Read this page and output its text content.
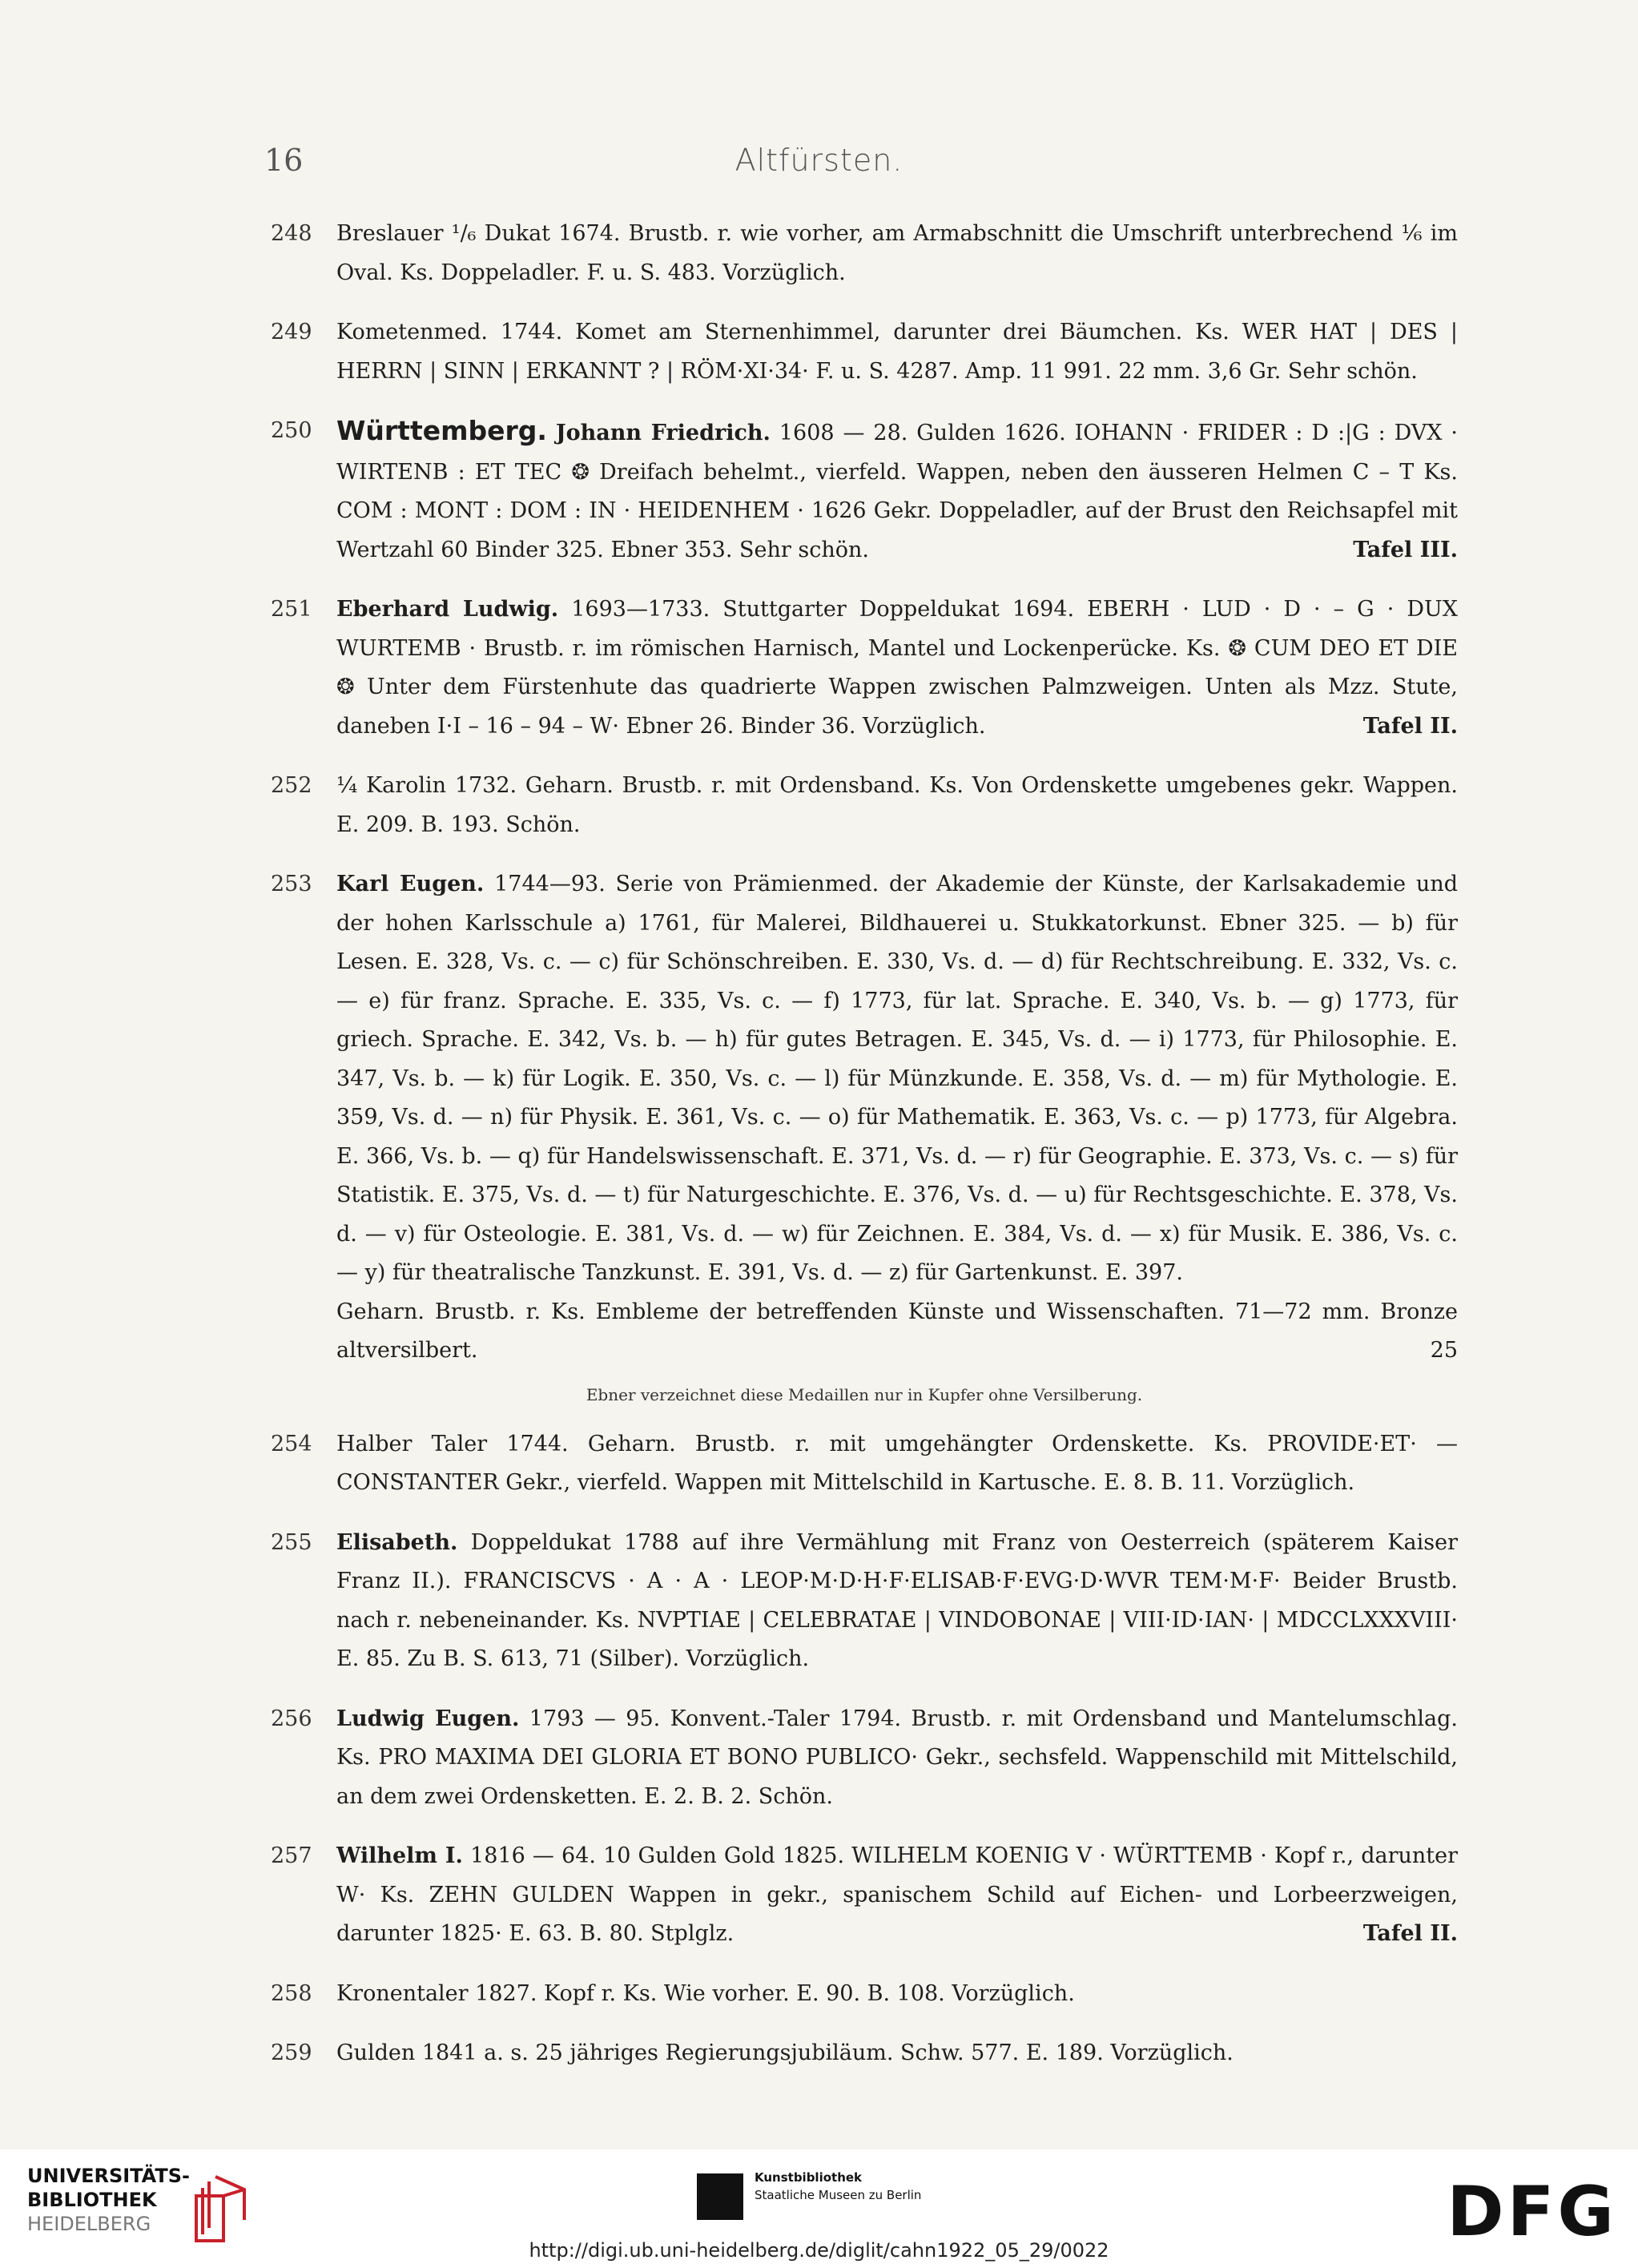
16	Altfürsten.
248 Breslauer ¹/₆ Dukat 1674. Brustb. r. wie vorher, am Armabschnitt die Umschrift unterbrechend ¹⁄₆ im Oval. Ks. Doppeladler. F. u. S. 483. Vorzüglich.
249 Kometenmed. 1744. Komet am Sternenhimmel, darunter drei Bäumchen. Ks. WER HAT | DES | HERRN | SINN | ERKANNT ? | RÖM·XI·34· F. u. S. 4287. Amp. 11 991. 22 mm. 3,6 Gr. Sehr schön.
250 Württemberg. Johann Friedrich. 1608 — 28. Gulden 1626. IOHANN · FRIDER : D :|G : DVX · WIRTENB : ET TEC ❂ Dreifach behelmt., vierfeld. Wappen, neben den äusseren Helmen C – T Ks. COM : MONT : DOM : IN · HEIDENHEM · 1626 Gekr. Doppeladler, auf der Brust den Reichsapfel mit Wertzahl 60 Binder 325. Ebner 353. Sehr schön.	Tafel III.
251 Eberhard Ludwig. 1693—1733. Stuttgarter Doppeldukat 1694. EBERH · LUD · D · – G · DUX WURTEMB · Brustb. r. im römischen Harnisch, Mantel und Lockenperücke. Ks. ❂ CUM DEO ET DIE ❂ Unter dem Fürstenhute das quadrierte Wappen zwischen Palmzweigen. Unten als Mzz. Stute, daneben I·I – 16 – 94 – W· Ebner 26. Binder 36. Vorzüglich.	Tafel II.
252 ¼ Karolin 1732. Geharn. Brustb. r. mit Ordensband. Ks. Von Ordenskette umgebenes gekr. Wappen. E. 209. B. 193. Schön.
253 Karl Eugen. 1744—93. Serie von Prämienmed. der Akademie der Künste, der Karlsakademie und der hohen Karlsschule a) 1761, für Malerei, Bildhauerei u. Stukkatorkunst. Ebner 325. — b) für Lesen. E. 328, Vs. c. — c) für Schönschreiben. E. 330, Vs. d. — d) für Rechtschreibung. E. 332, Vs. c. — e) für franz. Sprache. E. 335, Vs. c. — f) 1773, für lat. Sprache. E. 340, Vs. b. — g) 1773, für griech. Sprache. E. 342, Vs. b. — h) für gutes Betragen. E. 345, Vs. d. — i) 1773, für Philosophie. E. 347, Vs. b. — k) für Logik. E. 350, Vs. c. — l) für Münzkunde. E. 358, Vs. d. — m) für Mythologie. E. 359, Vs. d. — n) für Physik. E. 361, Vs. c. — o) für Mathematik. E. 363, Vs. c. — p) 1773, für Algebra. E. 366, Vs. b. — q) für Handelswissenschaft. E. 371, Vs. d. — r) für Geographie. E. 373, Vs. c. — s) für Statistik. E. 375, Vs. d. — t) für Naturgeschichte. E. 376, Vs. d. — u) für Rechtsgeschichte. E. 378, Vs. d. — v) für Osteologie. E. 381, Vs. d. — w) für Zeichnen. E. 384, Vs. d. — x) für Musik. E. 386, Vs. c. — y) für theatralische Tanzkunst. E. 391, Vs. d. — z) für Gartenkunst. E. 397.
Geharn. Brustb. r. Ks. Embleme der betreffenden Künste und Wissenschaften. 71—72 mm. Bronze altversilbert.	25
Ebner verzeichnet diese Medaillen nur in Kupfer ohne Versilberung.
254 Halber Taler 1744. Geharn. Brustb. r. mit umgehängter Ordenskette. Ks. PROVIDE·ET· — CONSTANTER Gekr., vierfeld. Wappen mit Mittelschild in Kartusche. E. 8. B. 11. Vorzüglich.
255 Elisabeth. Doppeldukat 1788 auf ihre Vermählung mit Franz von Oesterreich (späterem Kaiser Franz II.). FRANCISCVS · A · A · LEOP·M·D·H·F·ELISAB·F·EVG·D·WVR TEM·M·F· Beider Brustb. nach r. nebeneinander. Ks. NVPTIAE | CELEBRATAE | VINDOBONAE | VIII·ID·IAN· | MDCCLXXXVIII· E. 85. Zu B. S. 613, 71 (Silber). Vorzüglich.
256 Ludwig Eugen. 1793 — 95. Konvent.-Taler 1794. Brustb. r. mit Ordensband und Mantelumschlag. Ks. PRO MAXIMA DEI GLORIA ET BONO PUBLICO· Gekr., sechsfeld. Wappenschild mit Mittelschild, an dem zwei Ordensketten. E. 2. B. 2. Schön.
257 Wilhelm I. 1816 — 64. 10 Gulden Gold 1825. WILHELM KOENIG V · WÜRTTEMB · Kopf r., darunter W· Ks. ZEHN GULDEN Wappen in gekr., spanischem Schild auf Eichen- und Lorbeerzweigen, darunter 1825· E. 63. B. 80. Stplglz.	Tafel II.
258 Kronentaler 1827. Kopf r. Ks. Wie vorher. E. 90. B. 108. Vorzüglich.
259 Gulden 1841 a. s. 25 jähriges Regierungsjubiläum. Schw. 577. E. 189. Vorzüglich.
UNIVERSITÄTS-
BIBLIOTHEK
HEIDELBERG
Kunstbibliothek
Staatliche Museen zu Berlin	DFG
http://digi.ub.uni-heidelberg.de/diglit/cahn1922_05_29/0022
